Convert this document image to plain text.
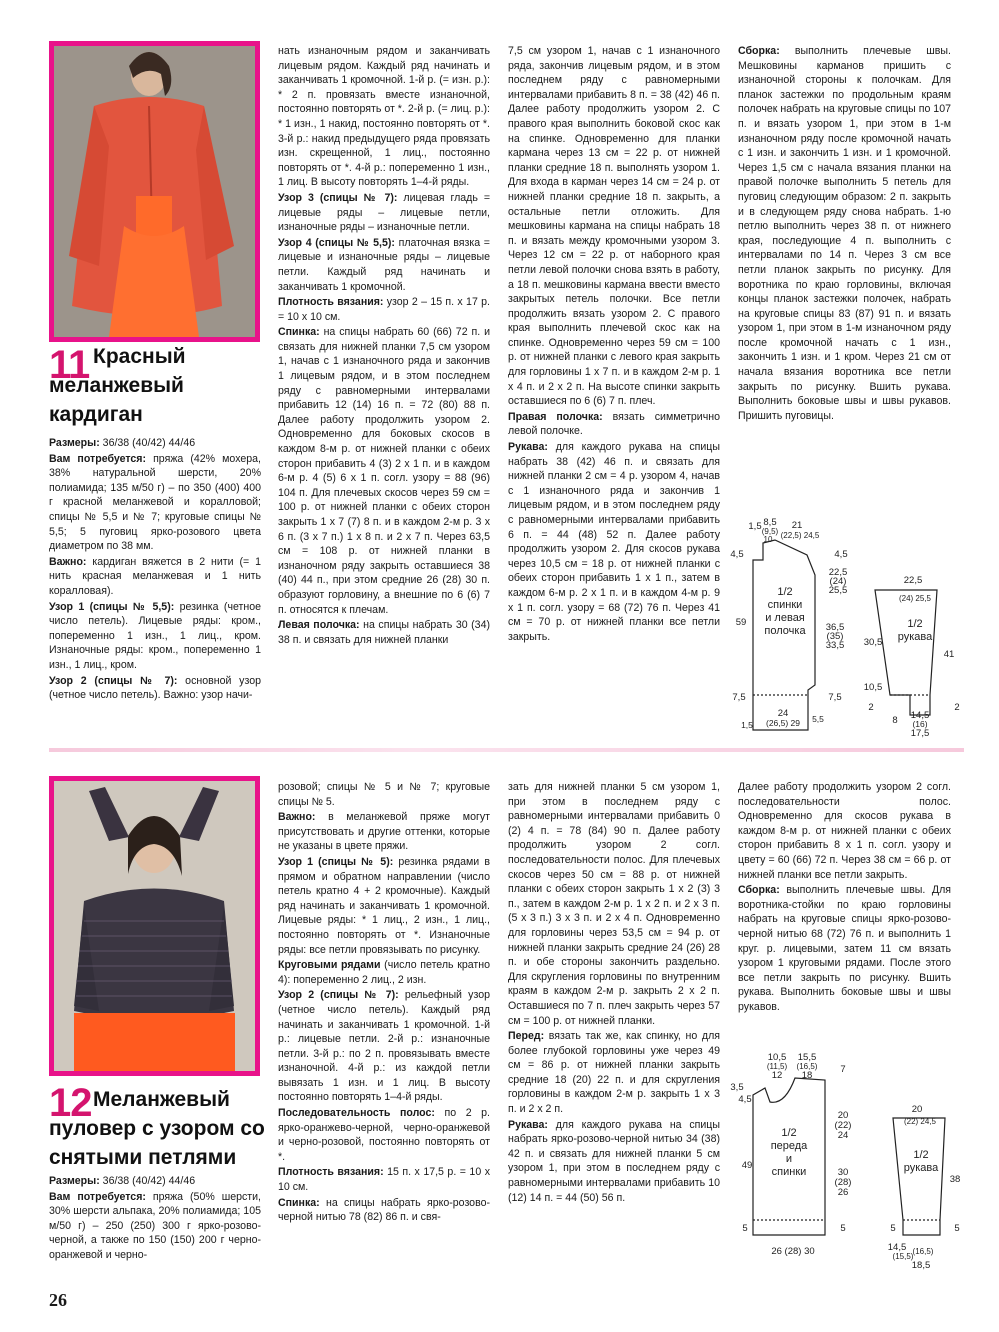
11 Красный
меланжевый
кардиган

Размеры: 36/38 (40/42) 44/46

Вам потребуется: пряжа (42% мохера, 38% натуральной шерсти, 20% полиамида; 135 м/50 г) – по 350 (400) 400 г красной меланжевой и коралловой; спицы № 5,5 и № 7; круговые спицы № 5,5; 5 пуговиц ярко-розового цвета диаметром по 38 мм.

Важно: кардиган вяжется в 2 нити (= 1 нить красная меланжевая и 1 нить коралловая).

Узор 1 (спицы № 5,5): резинка (четное число петель). Лицевые ряды: кром., попеременно 1 изн., 1 лиц., кром. Изнаночные ряды: кром., попеременно 1 изн., 1 лиц., кром.

Узор 2 (спицы № 7): основной узор (четное число петель). Важно: узор начи-

нать изнаночным рядом и заканчивать лицевым рядом. Каждый ряд начинать и заканчивать 1 кромочной. 1-й р. (= изн. р.): * 2 п. провязать вместе изнаночной, постоянно повторять от *. 2-й р. (= лиц. р.): * 1 изн., 1 накид, постоянно повторять от *. 3-й р.: накид предыдущего ряда провязать изн. скрещенной, 1 лиц., постоянно повторять от *. 4-й р.: попеременно 1 изн., 1 лиц. В высоту повторять 1–4-й ряды.

Узор 3 (спицы № 7): лицевая гладь = лицевые ряды – лицевые петли, изнаночные ряды – изнаночные петли.

Узор 4 (спицы № 5,5): платочная вязка = лицевые и изнаночные ряды – лицевые петли. Каждый ряд начинать и заканчивать 1 кромочной.

Плотность вязания: узор 2 – 15 п. х 17 р. = 10 х 10 см.

Спинка: на спицы набрать 60 (66) 72 п. и связать для нижней планки 7,5 см узором 1, начав с 1 изнаночного ряда и закончив 1 лицевым рядом, и в этом последнем ряду с равномерными интервалами прибавить 12 (14) 16 п. = 72 (80) 88 п. Далее работу продолжить узором 2. Одновременно для боковых скосов в каждом 8-м р. от нижней планки с обеих сторон прибавить 4 (3) 2 х 1 п. и в каждом 6-м р. 4 (5) 6 х 1 п. согл. узору = 88 (96) 104 п. Для плечевых скосов через 59 см = 100 р. от нижней планки с обеих сторон закрыть 1 х 7 (7) 8 п. и в каждом 2-м р. 3 х 6 п. (3 х 7 п.) 1 х 8 п. и 2 х 7 п. Через 63,5 см = 108 р. от нижней планки в изнаночном ряду закрыть оставшиеся 38 (40) 44 п., при этом средние 26 (28) 30 п. образуют горловину, а внешние по 6 (6) 7 п. относятся к плечам.

Левая полочка: на спицы набрать 30 (34) 38 п. и связать для нижней планки

7,5 см узором 1, начав с 1 изнаночного ряда, закончив лицевым рядом, и в этом последнем ряду с равномерными интервалами прибавить 8 п. = 38 (42) 46 п. Далее работу продолжить узором 2. С правого края выполнить боковой скос как на спинке. Одновременно для планки кармана через 13 см = 22 р. от нижней планки средние 18 п. выполнять узором 1. Для входа в карман через 14 см = 24 р. от нижней планки средние 18 п. закрыть, а остальные петли отложить. Для мешковины кармана на спицы набрать 18 п. и вязать между кромочными узором 3. Через 12 см = 22 р. от наборного края петли левой полочки снова взять в работу, а 18 п. мешковины кармана ввести вместо закрытых петель полочки. Все петли продолжить вязать узором 2. С правого края выполнить плечевой скос как на спинке. Одновременно через 59 см = 100 р. от нижней планки с левого края закрыть для горловины 1 х 7 п. и в каждом 2-м р. 1 х 4 п. и 2 х 2 п. На высоте спинки закрыть оставшиеся по 6 (6) 7 п. плеч.

Правая полочка: вязать симметрично левой полочке.

Рукава: для каждого рукава на спицы набрать 38 (42) 46 п. и связать для нижней планки 2 см = 4 р. узором 4, начав с 1 изнаночного ряда и закончив 1 лицевым рядом, и в этом последнем ряду с равномерными интервалами прибавить 6 п. = 44 (48) 52 п. Далее работу продолжить узором 2. Для скосов рукава через 10,5 см = 18 р. от нижней планки с обеих сторон прибавить 1 х 1 п., затем в каждом 6-м р. 2 х 1 п. и в каждом 4-м р. 9 х 1 п. согл. узору = 68 (72) 76 п. Через 41 см = 70 р. от нижней планки все петли закрыть.

Сборка: выполнить плечевые швы. Мешковины карманов пришить с изнаночной стороны к полочкам. Для планок застежки по продольным краям полочек набрать на круговые спицы по 107 п. и вязать узором 1, при этом в 1-м изнаночном ряду после кромочной начать с 1 изн. и закончить 1 изн. и 1 кромочной. Через 1,5 см с начала вязания планки на правой полочке выполнить 5 петель для пуговиц следующим образом: 2 п. закрыть и в следующем ряду снова набрать. 1-ю петлю выполнить через 38 п. от нижнего края, последующие 4 п. выполнить с интервалами по 14 п. Через 3 см все петли планок закрыть по рисунку. Для воротника по краю горловины, включая концы планок застежки полочек, набрать на круговые спицы 83 (87) 91 п. и вязать узором 1, при этом в 1-м изнаночном ряду после кромочной начать с 1 изн., закончить 1 изн. и 1 кром. Через 21 см от начала вязания воротника все петли закрыть по рисунку. Вшить рукава. Выполнить боковые швы и швы рукавов. Пришить пуговицы.

1,5 8,5
(9,5)
10
21
(22,5) 24,5
4,5	4,5
22,5
(24)
25,5
59	36,5
(35)
33,5
7,5	7,5
24
(26,5) 29 5,5
1,5
22,5
(24) 25,5
30,5
41
10,5
2	2
8 14,5
(16)
17,5
1/2
спинки
и левая
полочка
1/2
рукава
12 Меланжевый
пуловер с узором со
снятыми петлями

Размеры: 36/38 (40/42) 44/46

Вам потребуется: пряжа (50% шерсти, 30% шерсти альпака, 20% полиамида; 105 м/50 г) – 250 (250) 300 г ярко-розово-черной, а также по 150 (150) 200 г черно-оранжевой и черно-

розовой; спицы № 5 и № 7; круговые спицы № 5.

Важно: в меланжевой пряже могут присутствовать и другие оттенки, которые не указаны в цвете пряжи.

Узор 1 (спицы № 5): резинка рядами в прямом и обратном направлении (число петель кратно 4 + 2 кромочные). Каждый ряд начинать и заканчивать 1 кромочной. Лицевые ряды: * 1 лиц., 2 изн., 1 лиц., постоянно повторять от *. Изнаночные ряды: все петли провязывать по рисунку.

Круговыми рядами (число петель кратно 4): попеременно 2 лиц., 2 изн.

Узор 2 (спицы № 7): рельефный узор (четное число петель). Каждый ряд начинать и заканчивать 1 кромочной. 1-й р.: лицевые петли. 2-й р.: изнаночные петли. 3-й р.: по 2 п. провязывать вместе изнаночной. 4-й р.: из каждой петли вывязать 1 изн. и 1 лиц. В высоту постоянно повторять 1–4-й ряды.

Последовательность полос: по 2 р. ярко-оранжево-черной, черно-оранжевой и черно-розовой, постоянно повторять от *.

Плотность вязания: 15 п. х 17,5 р. = 10 х 10 см.

Спинка: на спицы набрать ярко-розово-черной нитью 78 (82) 86 п. и свя-

зать для нижней планки 5 см узором 1, при этом в последнем ряду с равномерными интервалами прибавить 0 (2) 4 п. = 78 (84) 90 п. Далее работу продолжить узором 2 согл. последовательности полос. Для плечевых скосов через 50 см = 88 р. от нижней планки с обеих сторон закрыть 1 х 2 (3) 3 п., затем в каждом 2-м р. 1 х 2 п. и 2 х 3 п. (5 х 3 п.) 3 х 3 п. и 2 х 4 п. Одновременно для горловины через 53,5 см = 94 р. от нижней планки закрыть средние 24 (26) 28 п. и обе стороны закончить раздельно. Для скругления горловины по внутренним краям в каждом 2-м р. закрыть 2 х 2 п. Оставшиеся по 7 п. плеч закрыть через 57 см = 100 р. от нижней планки.

Перед: вязать так же, как спинку, но для более глубокой горловины уже через 49 см = 86 р. от нижней планки закрыть средние 18 (20) 22 п. и для скругления горловины в каждом 2-м р. закрыть 1 х 3 п. и 2 х 2 п.

Рукава: для каждого рукава на спицы набрать ярко-розово-черной нитью 34 (38) 42 п. и связать для нижней планки 5 см узором 1, при этом в последнем ряду с равномерными интервалами прибавить 10 (12) 14 п. = 44 (50) 56 п.

Далее работу продолжить узором 2 согл. последовательности полос. Одновременно для скосов рукава в каждом 8-м р. от нижней планки с обеих сторон прибавить 8 х 1 п. согл. узору и цвету = 60 (66) 72 п. Через 38 см = 66 р. от нижней планки все петли закрыть.

Сборка: выполнить плечевые швы. Для воротника-стойки по краю горловины набрать на круговые спицы ярко-розово-черной нитью 68 (72) 76 п. и выполнить 1 круг. р. лицевыми, затем 11 см вязать узором 1 круговыми рядами. После этого все петли закрыть по рисунку. Вшить рукава. Выполнить боковые швы и швы рукавов.

10,5
(11,5)
12
15,5
(16,5)
18
3,5
4,5
7
20
(22)
24
49
30
(28)
26
5	5
26 (28) 30
20
(22) 24,5
38
5	5
14,5
(15,5)
(16,5)
18,5
1/2
переда
и
спинки
1/2
рукава
26
